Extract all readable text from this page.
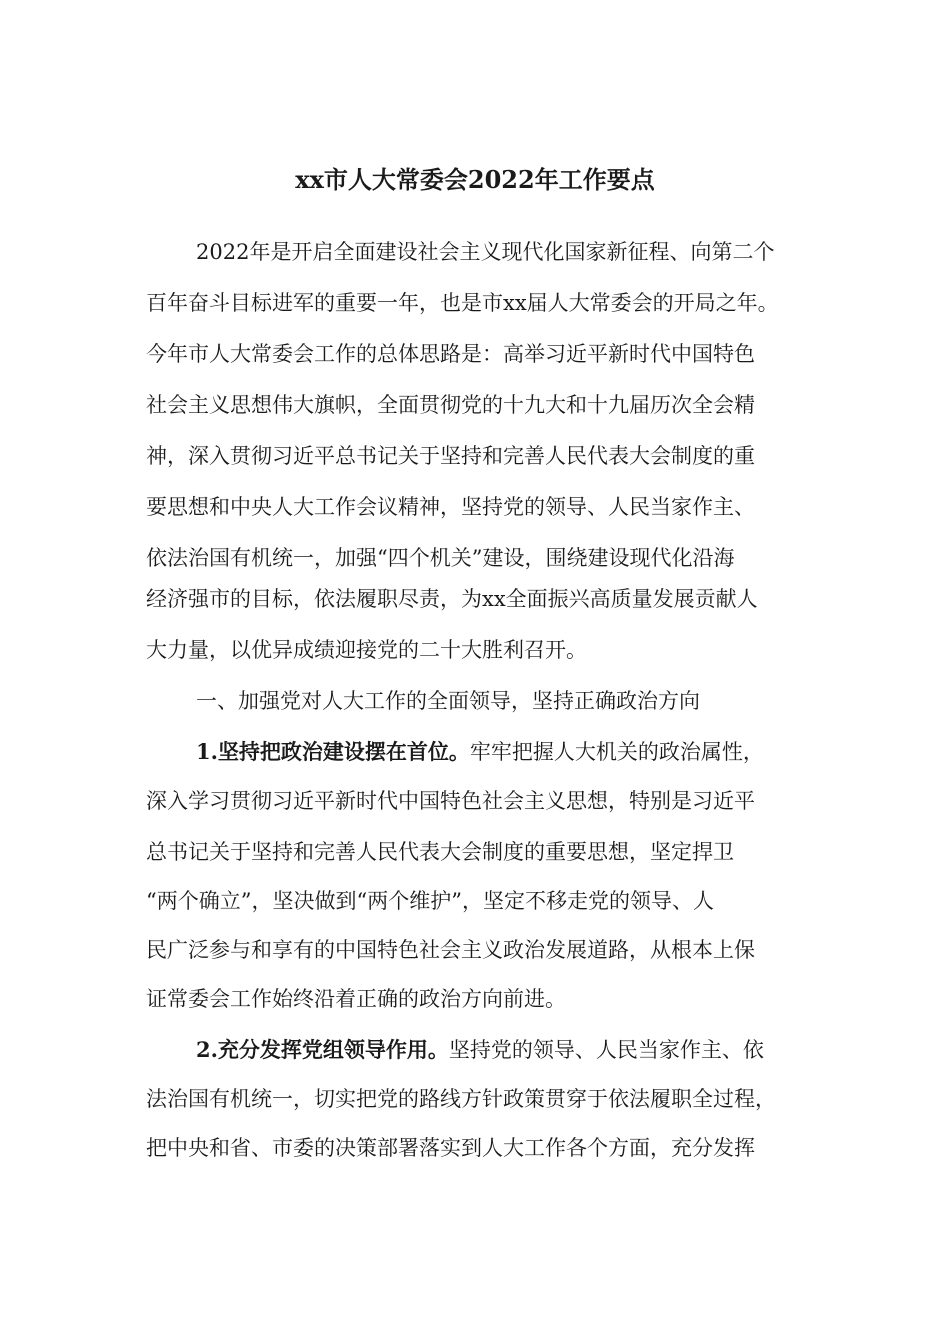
xx市人大常委会2022年工作要点
2022年是开启全面建设社会主义现代化国家新征程、向第二个
百年奋斗目标进军的重要一年，也是市xx届人大常委会的开局之年。
今年市人大常委会工作的总体思路是：高举习近平新时代中国特色
社会主义思想伟大旗帜，全面贯彻党的十九大和十九届历次全会精
神，深入贯彻习近平总书记关于坚持和完善人民代表大会制度的重
要思想和中央人大工作会议精神，坚持党的领导、人民当家作主、
依法治国有机统一，加强“四个机关”建设，围绕建设现代化沿海
经济强市的目标，依法履职尽责，为xx全面振兴高质量发展贡献人
大力量，以优异成绩迎接党的二十大胜利召开。
一、加强党对人大工作的全面领导，坚持正确政治方向
1.坚持把政治建设摆在首位。牢牢把握人大机关的政治属性，
深入学习贯彻习近平新时代中国特色社会主义思想，特别是习近平
总书记关于坚持和完善人民代表大会制度的重要思想，坚定捍卫
“两个确立”，坚决做到“两个维护”，坚定不移走党的领导、人
民广泛参与和享有的中国特色社会主义政治发展道路，从根本上保
证常委会工作始终沿着正确的政治方向前进。
2.充分发挥党组领导作用。坚持党的领导、人民当家作主、依
法治国有机统一，切实把党的路线方针政策贯穿于依法履职全过程，
把中央和省、市委的决策部署落实到人大工作各个方面，充分发挥
